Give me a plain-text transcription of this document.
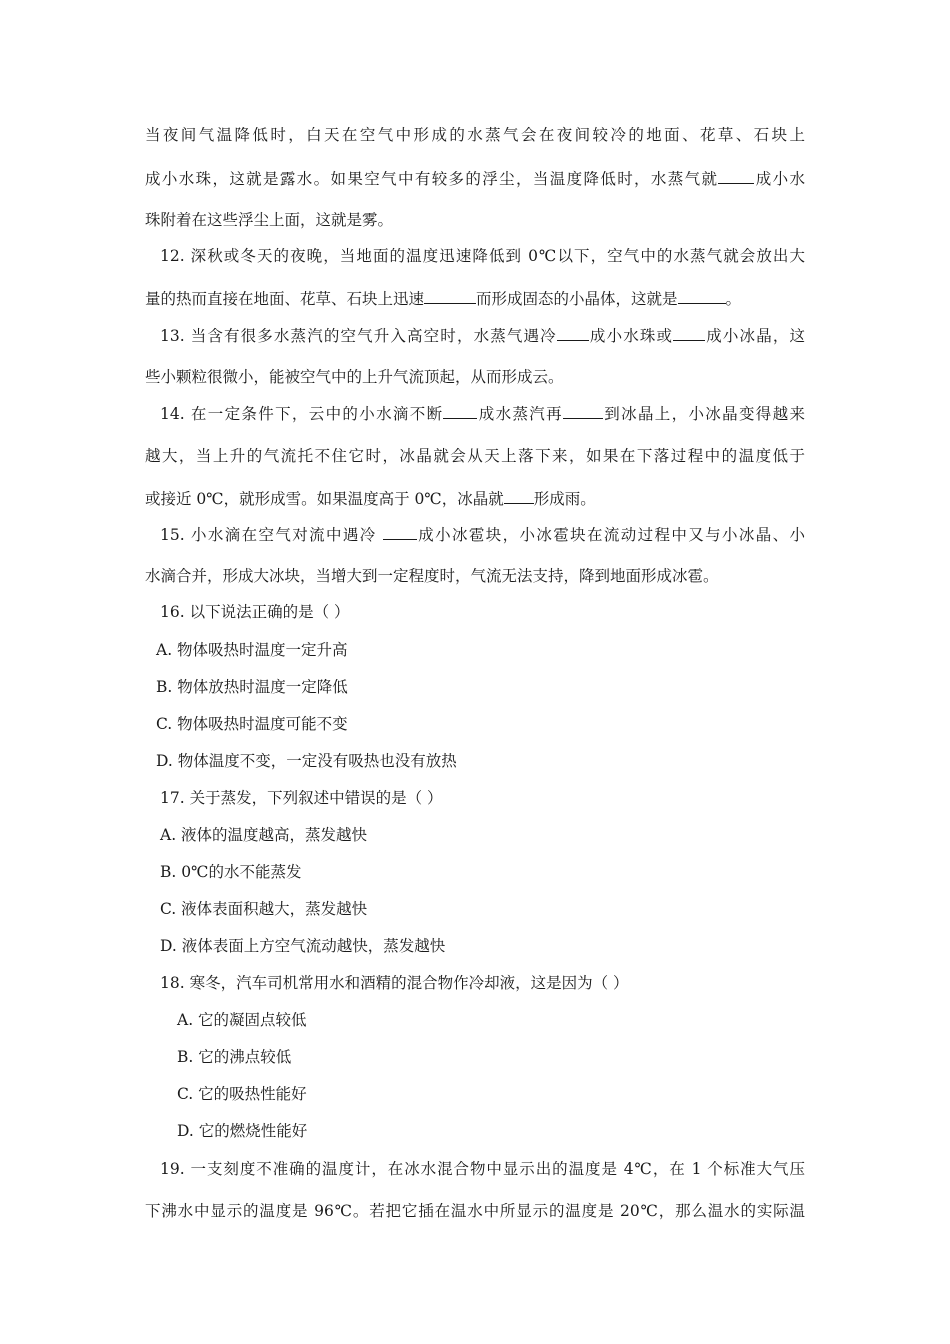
当夜间气温降低时，白天在空气中形成的水蒸气会在夜间较冷的地面、花草、石块上
成小水珠，这就是露水。如果空气中有较多的浮尘，当温度降低时，水蒸气就 成小水
珠附着在这些浮尘上面，这就是雾。
12. 深秋或冬天的夜晚，当地面的温度迅速降低到 0℃以下，空气中的水蒸气就会放出大
量的热而直接在地面、花草、石块上迅速	而形成固态的小晶体，这就是	。
13. 当含有很多水蒸汽的空气升入高空时，水蒸气遇冷 成小水珠或 成小冰晶，这
些小颗粒很微小，能被空气中的上升气流顶起，从而形成云。
14. 在一定条件下，云中的小水滴不断 成水蒸汽再	到冰晶上，小冰晶变得越来
越大，当上升的气流托不住它时，冰晶就会从天上落下来，如果在下落过程中的温度低于
或接近 0℃，就形成雪。如果温度高于 0℃，冰晶就 形成雨。
15. 小水滴在空气对流中遇冷 成小冰雹块，小冰雹块在流动过程中又与小冰晶、小
水滴合并，形成大冰块，当增大到一定程度时，气流无法支持，降到地面形成冰雹。
16. 以下说法正确的是（ ）
A. 物体吸热时温度一定升高
B. 物体放热时温度一定降低
C. 物体吸热时温度可能不变
D. 物体温度不变，一定没有吸热也没有放热
17. 关于蒸发，下列叙述中错误的是（ ）
A. 液体的温度越高，蒸发越快
B. 0℃的水不能蒸发
C. 液体表面积越大，蒸发越快
D. 液体表面上方空气流动越快，蒸发越快
18. 寒冬，汽车司机常用水和酒精的混合物作冷却液，这是因为（ ）
A. 它的凝固点较低
B. 它的沸点较低
C. 它的吸热性能好
D. 它的燃烧性能好
19. 一支刻度不准确的温度计，在冰水混合物中显示出的温度是 4℃，在 1 个标准大气压
下沸水中显示的温度是 96℃。若把它插在温水中所显示的温度是 20℃，那么温水的实际温
